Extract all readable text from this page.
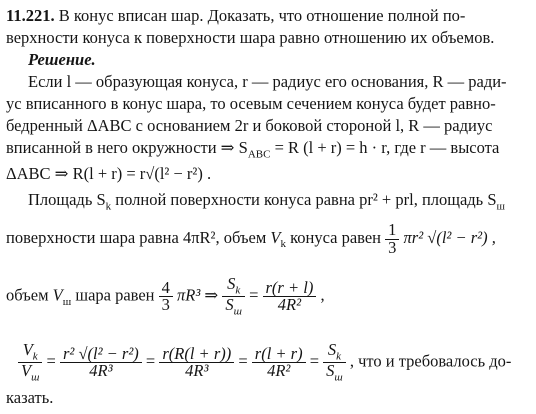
11.221. В конус вписан шар. Доказать, что отношение полной по-
верхности конуса к поверхности шара равно отношению их объемов.
Решение.
Если l — образующая конуса, r — радиус его основания, R — ради-
ус вписанного в конус шара, то осевым сечением конуса будет равно-
бедренный ΔABC с основанием 2r и боковой стороной l, R — радиус
вписанной в него окружности ⇒ $S_{ABC} = R$ (l + r) = h · r, где r — высота
ΔABC ⇒ R(l + r) = r√(l² − r²) .
Площадь $S_k$ полной поверхности конуса равна pr² + prl, площадь $S_ш$
поверхности шара равна 4πR², объем $V_k$ конуса равен $\frac{1}{3} \pi r^2$ √(l² − r²) ,
объем $V_ш$ шара равен $\frac{4}{3} \pi R^3$ ⇒ $\frac{S_k}{S_ш} = \frac{r(r + l)}{\text{4R²}}$ ,
$\frac{V_k}{V_ш} = \frac{\text{r² √(l² − r²)}}{\text{4R³}} = \frac{r(R(l + r))}{\text{4R³}} = \frac{r(l + r)}{\text{4R²}} = \frac{S_k}{S_ш}$ , что и требовалось до-
казать.
